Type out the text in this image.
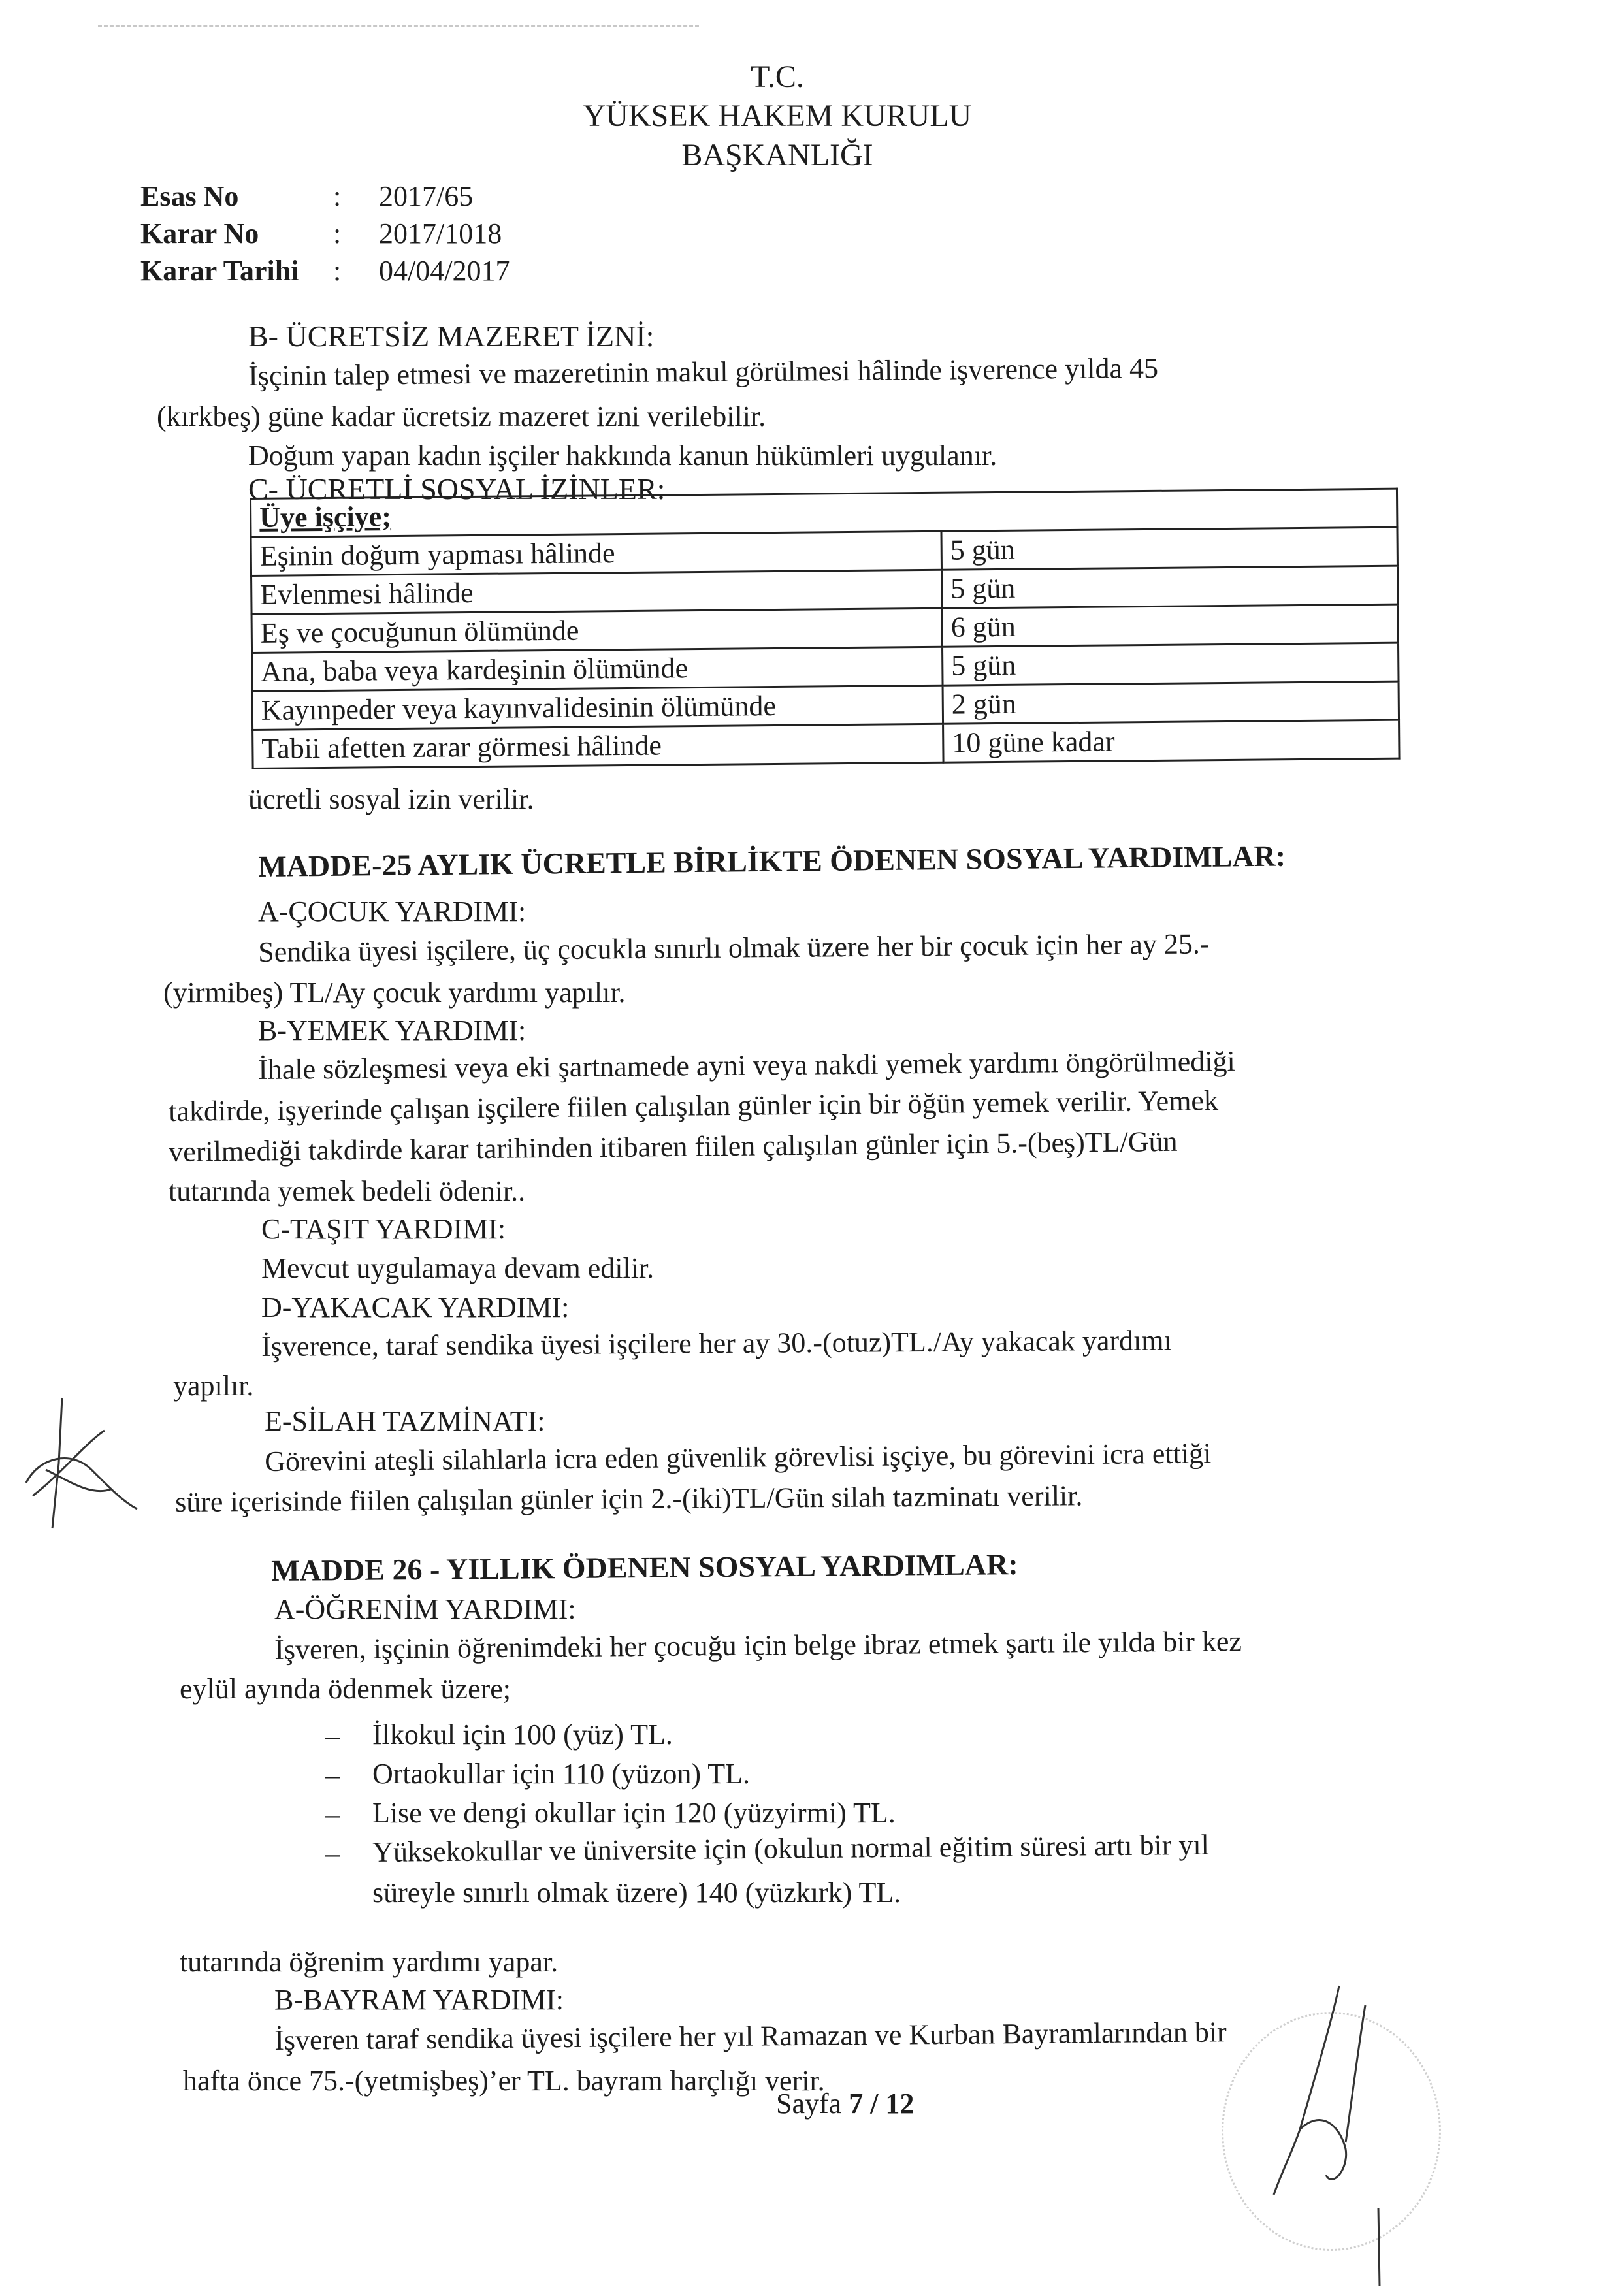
T.C.
YÜKSEK HAKEM KURULU
BAŞKANLIĞI
Esas No	:	2017/65
Karar No	:	2017/1018
Karar Tarihi	:	04/04/2017
B- ÜCRETSİZ MAZERET İZNİ:
İşçinin talep etmesi ve mazeretinin makul görülmesi hâlinde işverence yılda 45
(kırkbeş) güne kadar ücretsiz mazeret izni verilebilir.
Doğum yapan kadın işçiler hakkında kanun hükümleri uygulanır.
C- ÜCRETLİ SOSYAL İZİNLER:
Üye işçiye;	
Eşinin doğum yapması hâlinde	5 gün
Evlenmesi hâlinde	5 gün
Eş ve çocuğunun ölümünde	6 gün
Ana, baba veya kardeşinin ölümünde	5 gün
Kayınpeder veya kayınvalidesinin ölümünde	2 gün
Tabii afetten zarar görmesi hâlinde	10 güne kadar
ücretli sosyal izin verilir.
MADDE-25 AYLIK ÜCRETLE BİRLİKTE ÖDENEN SOSYAL YARDIMLAR:
A-ÇOCUK YARDIMI:
Sendika üyesi işçilere, üç çocukla sınırlı olmak üzere her bir çocuk için her ay 25.-
(yirmibeş) TL/Ay çocuk yardımı yapılır.
B-YEMEK YARDIMI:
İhale sözleşmesi veya eki şartnamede ayni veya nakdi yemek yardımı öngörülmediği
takdirde, işyerinde çalışan işçilere fiilen çalışılan günler için bir öğün yemek verilir. Yemek
verilmediği takdirde karar tarihinden itibaren fiilen çalışılan günler için 5.-(beş)TL/Gün
tutarında yemek bedeli ödenir..
C-TAŞIT YARDIMI:
Mevcut uygulamaya devam edilir.
D-YAKACAK YARDIMI:
İşverence, taraf sendika üyesi işçilere her ay 30.-(otuz)TL./Ay yakacak yardımı
yapılır.
E-SİLAH TAZMİNATI:
Görevini ateşli silahlarla icra eden güvenlik görevlisi işçiye, bu görevini icra ettiği
süre içerisinde fiilen çalışılan günler için 2.-(iki)TL/Gün silah tazminatı verilir.
MADDE 26 - YILLIK ÖDENEN SOSYAL YARDIMLAR:
A-ÖĞRENİM YARDIMI:
İşveren, işçinin öğrenimdeki her çocuğu için belge ibraz etmek şartı ile yılda bir kez
eylül ayında ödenmek üzere;
– İlkokul için 100 (yüz) TL.
– Ortaokullar için 110 (yüzon) TL.
– Lise ve dengi okullar için 120 (yüzyirmi) TL.
– Yüksekokullar ve üniversite için (okulun normal eğitim süresi artı bir yıl
süreyle sınırlı olmak üzere) 140 (yüzkırk) TL.
tutarında öğrenim yardımı yapar.
B-BAYRAM YARDIMI:
İşveren taraf sendika üyesi işçilere her yıl Ramazan ve Kurban Bayramlarından bir
hafta önce 75.-(yetmişbeş)’er TL. bayram harçlığı verir.
Sayfa 7 / 12
